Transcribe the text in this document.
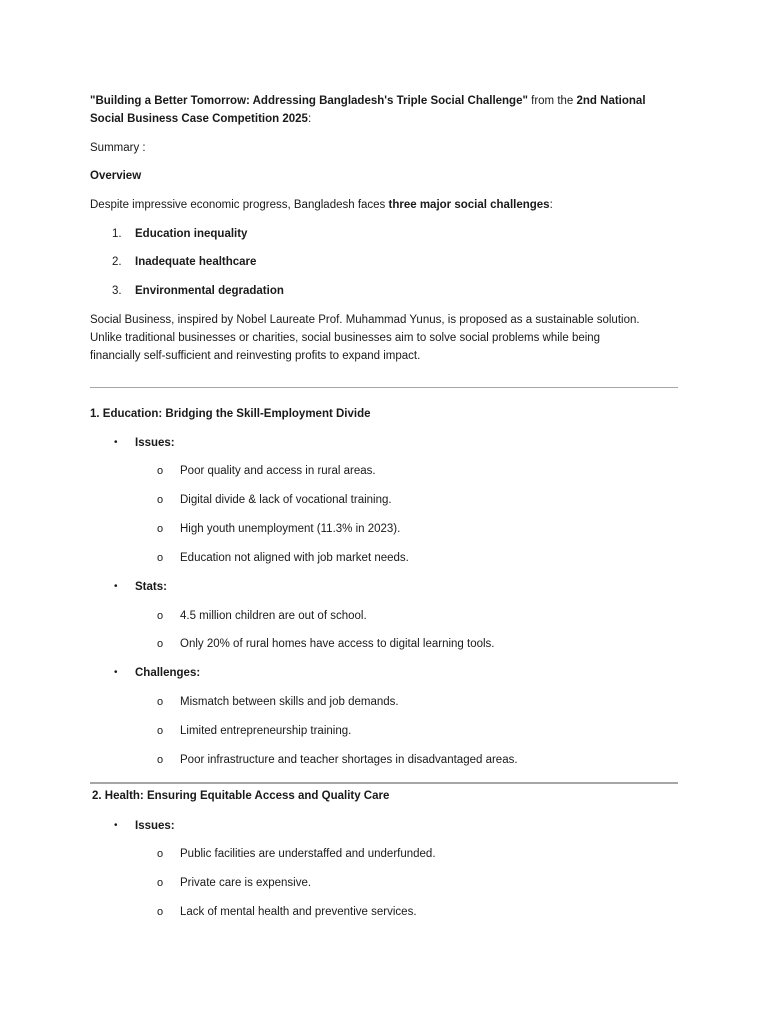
"Building a Better Tomorrow: Addressing Bangladesh's Triple Social Challenge" from the 2nd National Social Business Case Competition 2025:
Summary :
Overview
Despite impressive economic progress, Bangladesh faces three major social challenges:
1. Education inequality
2. Inadequate healthcare
3. Environmental degradation
Social Business, inspired by Nobel Laureate Prof. Muhammad Yunus, is proposed as a sustainable solution. Unlike traditional businesses or charities, social businesses aim to solve social problems while being financially self-sufficient and reinvesting profits to expand impact.
1. Education: Bridging the Skill-Employment Divide
• Issues:
o Poor quality and access in rural areas.
o Digital divide & lack of vocational training.
o High youth unemployment (11.3% in 2023).
o Education not aligned with job market needs.
• Stats:
o 4.5 million children are out of school.
o Only 20% of rural homes have access to digital learning tools.
• Challenges:
o Mismatch between skills and job demands.
o Limited entrepreneurship training.
o Poor infrastructure and teacher shortages in disadvantaged areas.
2. Health: Ensuring Equitable Access and Quality Care
• Issues:
o Public facilities are understaffed and underfunded.
o Private care is expensive.
o Lack of mental health and preventive services.
